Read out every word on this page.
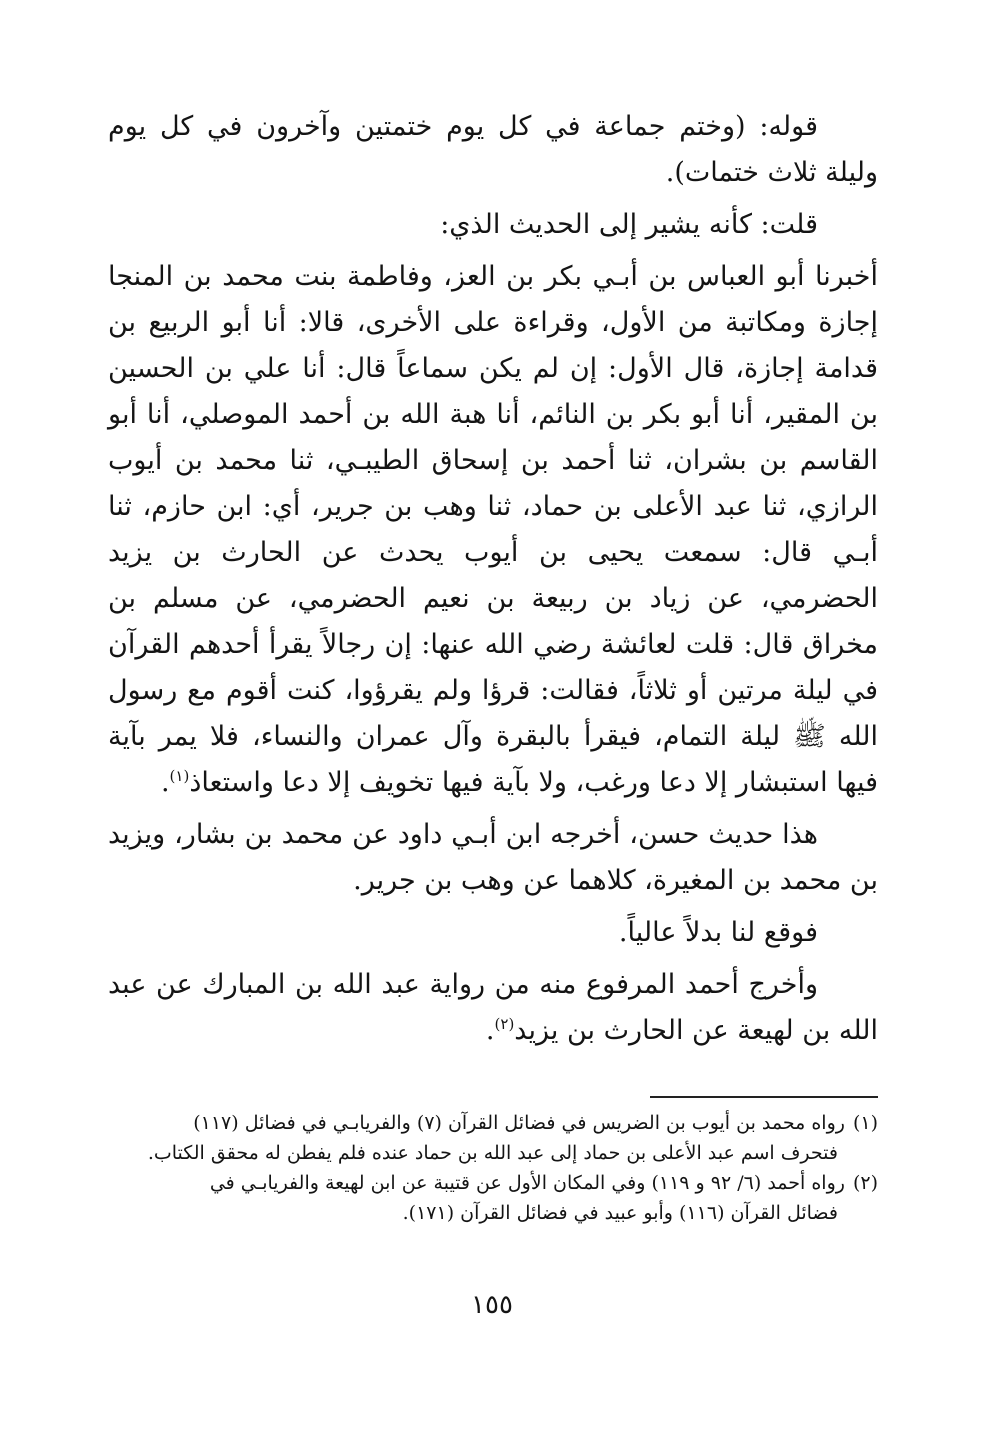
قوله: (وختم جماعة في كل يوم ختمتين وآخرون في كل يوم وليلة ثلاث ختمات).

قلت: كأنه يشير إلى الحديث الذي:

أخبرنا أبو العباس بن أبـي بكر بن العز، وفاطمة بنت محمد بن المنجا إجازة ومكاتبة من الأول، وقراءة على الأخرى، قالا: أنا أبو الربيع بن قدامة إجازة، قال الأول: إن لم يكن سماعاً قال: أنا علي بن الحسين بن المقير، أنا أبو بكر بن النائم، أنا هبة الله بن أحمد الموصلي، أنا أبو القاسم بن بشران، ثنا أحمد بن إسحاق الطيبـي، ثنا محمد بن أيوب الرازي، ثنا عبد الأعلى بن حماد، ثنا وهب بن جرير، أي: ابن حازم، ثنا أبـي قال: سمعت يحيى بن أيوب يحدث عن الحارث بن يزيد الحضرمي، عن زياد بن ربيعة بن نعيم الحضرمي، عن مسلم بن مخراق قال: قلت لعائشة رضي الله عنها: إن رجالاً يقرأ أحدهم القرآن في ليلة مرتين أو ثلاثاً، فقالت: قرؤا ولم يقرؤوا، كنت أقوم مع رسول الله ﷺ ليلة التمام، فيقرأ بالبقرة وآل عمران والنساء، فلا يمر بآية فيها استبشار إلا دعا ورغب، ولا بآية فيها تخويف إلا دعا واستعاذ$^{(١)}$.

هذا حديث حسن، أخرجه ابن أبـي داود عن محمد بن بشار، ويزيد بن محمد بن المغيرة، كلاهما عن وهب بن جرير.

فوقع لنا بدلاً عالياً.

وأخرج أحمد المرفوع منه من رواية عبد الله بن المبارك عن عبد الله بن لهيعة عن الحارث بن يزيد$^{(٢)}$.

(١)رواه محمد بن أيوب بن الضريس في فضائل القرآن (٧) والفريابـي في فضائل (١١٧)
فتحرف اسم عبد الأعلى بن حماد إلى عبد الله بن حماد عنده فلم يفطن له محقق الكتاب.

(٢)رواه أحمد (٦/ ٩٢ و ١١٩) وفي المكان الأول عن قتيبة عن ابن لهيعة والفريابـي في
فضائل القرآن (١١٦) وأبو عبيد في فضائل القرآن (١٧١).

١٥٥
